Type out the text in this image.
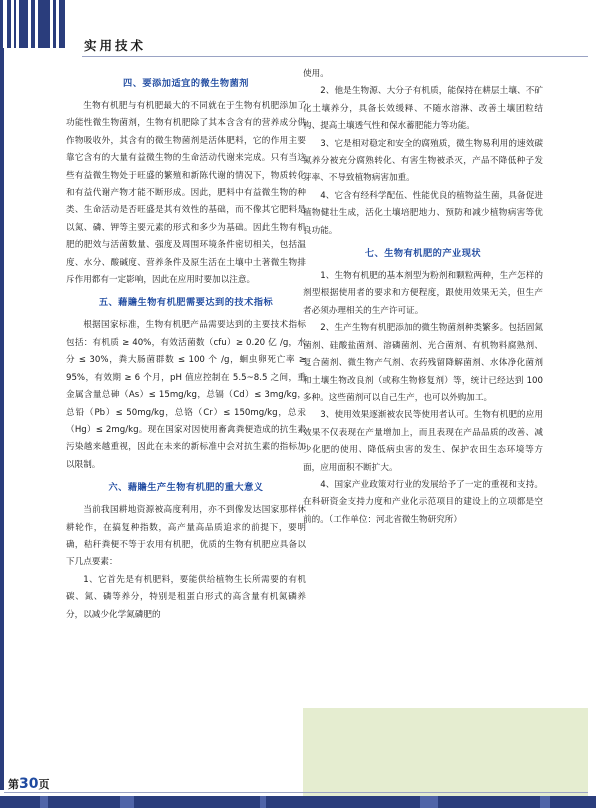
实用技术
四、要添加适宜的微生物菌剂

生物有机肥与有机肥最大的不同就在于生物有机肥添加了功能性微生物菌剂，生物有机肥除了其本含含有的营养成分供作物吸收外，其含有的微生物菌剂是活体肥料，它的作用主要靠它含有的大量有益微生物的生命活动代谢来完成。只有当这些有益微生物处于旺盛的繁殖和新陈代谢的情况下，物质转化和有益代谢产物才能不断形成。因此，肥料中有益微生物的种类、生命活动是否旺盛是其有效性的基础，而不像其它肥料是以氮、磷、钾等主要元素的形式和多少为基础。因此生物有机肥的肥效与活菌数量、强度及周围环境条件密切相关，包括温度、水分、酸碱度、营养条件及原生活在土壤中土著微生物排斥作用都有一定影响，因此在应用时要加以注意。

五、藉贍生物有机肥需要达到的技术指标

根据国家标准，生物有机肥产品需要达到的主要技术指标包括：有机质 ≥ 40%，有效活菌数（cfu）≥ 0.20 亿 /g，水分 ≤ 30%，粪大肠菌群数 ≤ 100 个 /g，蛔虫卵死亡率 ≥ 95%，有效期 ≥ 6 个月，pH 值应控制在 5.5~8.5 之间，重金属含量总砷（As）≤ 15mg/kg，总镉（Cd）≤ 3mg/kg，总铅（Pb）≤ 50mg/kg，总铬（Cr）≤ 150mg/kg，总汞（Hg）≤ 2mg/kg。现在国家对因使用畜禽粪便造成的抗生素污染越来越重视，因此在未来的新标准中会对抗生素的指标加以限制。

六、藉贍生产生物有机肥的重大意义

当前我国耕地资源被高度利用，亦不到像发达国家那样休耕轮作，在搞复种指数，高产量高品质追求的前提下，要明确，秸秆粪便不等于农用有机肥，优质的生物有机肥应具备以下几点要素：

1、它首先是有机肥料，要能供给植物生长所需要的有机碳、氮、磷等养分，特别是租蛋白形式的高含量有机氮磷养分，以减少化学氮磷肥的

使用。

2、他是生物源、大分子有机质，能保持在耕层土壤、不矿化土壤养分，具备长效缓释、不随水溶淋、改善土壤团粒结构、提高土壤透气性和保水蓄肥能力等功能。

3、它是相对稳定和安全的腐殖质，微生物易利用的速效碳氮养分被充分腐熟转化、有害生物被杀灭，产品不降低种子发芽率、不导致植物病害加重。

4、它含有经科学配伍、性能优良的植物益生菌，具备促进植物健壮生成，活化土壤培肥地力、预防和减少植物病害等优良功能。

七、生物有机肥的产业现状

1、生物有机肥的基本剂型为粉剂和颗粒两种，生产怎样的剂型根据使用者的要求和方便程度，跟使用效果无关，但生产者必须办理相关的生产许可证。

2、生产生物有机肥添加的微生物菌剂种类繁多。包括固氮菌剂、硅酸盐菌剂、溶磷菌剂、光合菌剂、有机物料腐熟剂、复合菌剂、微生物产气剂、农药残留降解菌剂、水体净化菌剂和土壤生物改良剂（或称生物修复剂）等，统计已经达到 100 多种。这些菌剂可以自己生产，也可以外购加工。

3、使用效果逐渐被农民等使用者认可。生物有机肥的应用效果不仅表现在产量增加上，而且表现在产品品质的改善、减少化肥的使用、降低病虫害的发生、保护农田生态环境等方面，应用面积不断扩大。

4、国家产业政策对行业的发展给予了一定的重视和支持。在科研资金支持力度和产业化示范项目的建设上的立项都是空前的。（工作单位：河北省微生物研究所）

第30页
